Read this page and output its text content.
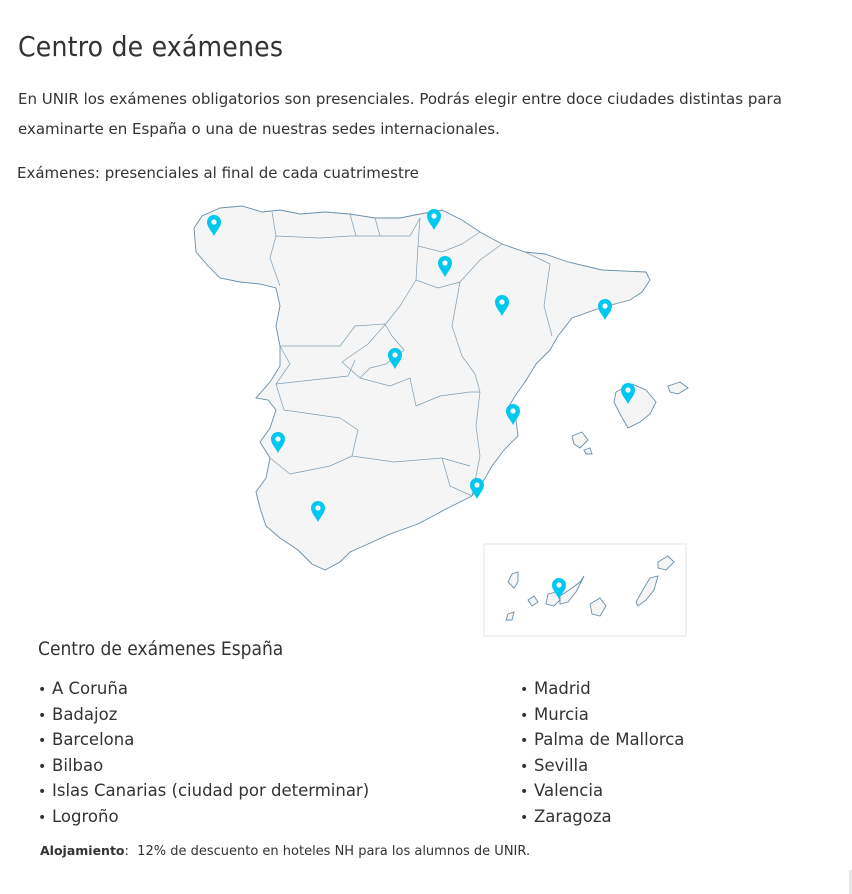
Centro de exámenes

En UNIR los exámenes obligatorios son presenciales. Podrás elegir entre doce ciudades distintas para examinarte en España o una de nuestras sedes internacionales.

Exámenes: presenciales al final de cada cuatrimestre

Centro de exámenes España
• A Coruña
• Badajoz
• Barcelona
• Bilbao
• Islas Canarias (ciudad por determinar)
• Logroño
• Madrid
• Murcia
• Palma de Mallorca
• Sevilla
• Valencia
• Zaragoza

Alojamiento:  12% de descuento en hoteles NH para los alumnos de UNIR.
